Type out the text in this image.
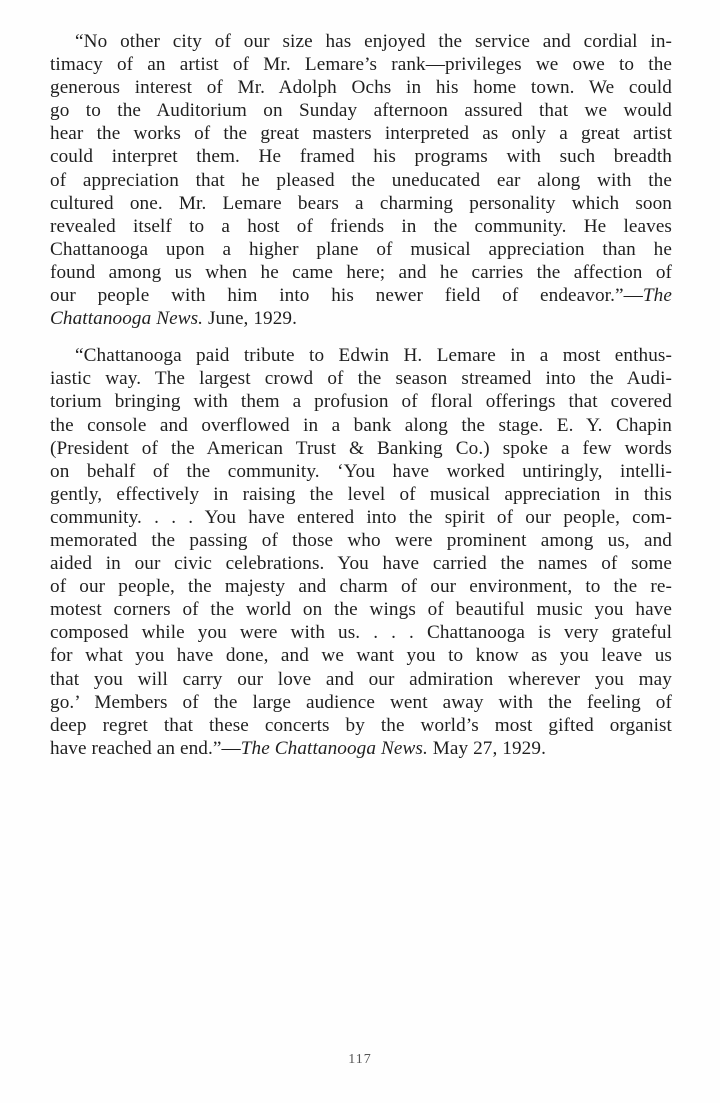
“No other city of our size has enjoyed the service and cordial in-
timacy of an artist of Mr. Lemare’s rank—privileges we owe to the
generous interest of Mr. Adolph Ochs in his home town. We could
go to the Auditorium on Sunday afternoon assured that we would
hear the works of the great masters interpreted as only a great artist
could interpret them. He framed his programs with such breadth
of appreciation that he pleased the uneducated ear along with the
cultured one. Mr. Lemare bears a charming personality which soon
revealed itself to a host of friends in the community. He leaves
Chattanooga upon a higher plane of musical appreciation than he
found among us when he came here; and he carries the affection of
our people with him into his newer field of endeavor.”—The
Chattanooga News. June, 1929.

“Chattanooga paid tribute to Edwin H. Lemare in a most enthus-
iastic way. The largest crowd of the season streamed into the Audi-
torium bringing with them a profusion of floral offerings that covered
the console and overflowed in a bank along the stage. E. Y. Chapin
(President of the American Trust & Banking Co.) spoke a few words
on behalf of the community. ‘You have worked untiringly, intelli-
gently, effectively in raising the level of musical appreciation in this
community. . . . You have entered into the spirit of our people, com-
memorated the passing of those who were prominent among us, and
aided in our civic celebrations. You have carried the names of some
of our people, the majesty and charm of our environment, to the re-
motest corners of the world on the wings of beautiful music you have
composed while you were with us. . . . Chattanooga is very grateful
for what you have done, and we want you to know as you leave us
that you will carry our love and our admiration wherever you may
go.’ Members of the large audience went away with the feeling of
deep regret that these concerts by the world’s most gifted organist
have reached an end.”—The Chattanooga News. May 27, 1929.

117
